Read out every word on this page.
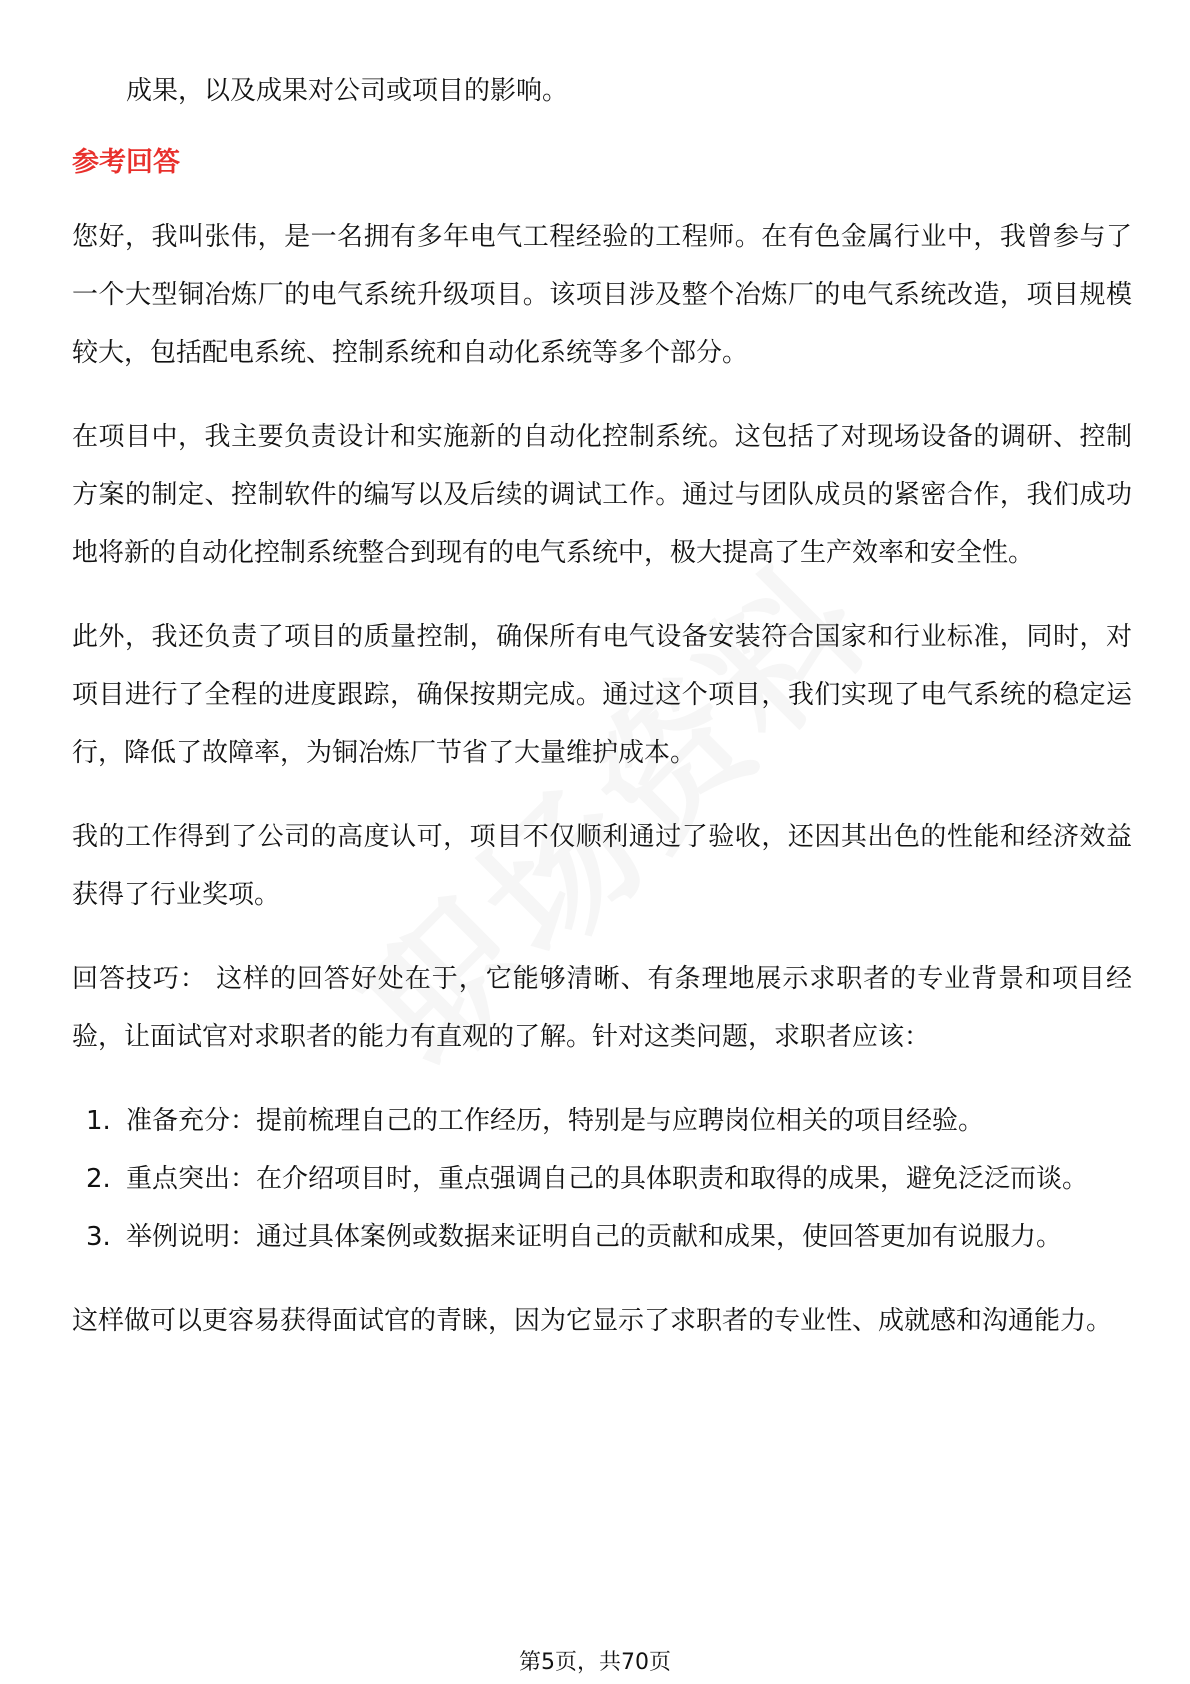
成果，以及成果对公司或项目的影响。

参考回答

您好，我叫张伟，是一名拥有多年电气工程经验的工程师。在有色金属行业中，我曾参与了一个大型铜冶炼厂的电气系统升级项目。该项目涉及整个冶炼厂的电气系统改造，项目规模较大，包括配电系统、控制系统和自动化系统等多个部分。

在项目中，我主要负责设计和实施新的自动化控制系统。这包括了对现场设备的调研、控制方案的制定、控制软件的编写以及后续的调试工作。通过与团队成员的紧密合作，我们成功地将新的自动化控制系统整合到现有的电气系统中，极大提高了生产效率和安全性。

此外，我还负责了项目的质量控制，确保所有电气设备安装符合国家和行业标准，同时，对项目进行了全程的进度跟踪，确保按期完成。通过这个项目，我们实现了电气系统的稳定运行，降低了故障率，为铜冶炼厂节省了大量维护成本。

我的工作得到了公司的高度认可，项目不仅顺利通过了验收，还因其出色的性能和经济效益获得了行业奖项。

回答技巧： 这样的回答好处在于，它能够清晰、有条理地展示求职者的专业背景和项目经验，让面试官对求职者的能力有直观的了解。针对这类问题，求职者应该：

1. 准备充分：提前梳理自己的工作经历，特别是与应聘岗位相关的项目经验。
2. 重点突出：在介绍项目时，重点强调自己的具体职责和取得的成果，避免泛泛而谈。
3. 举例说明：通过具体案例或数据来证明自己的贡献和成果，使回答更加有说服力。

这样做可以更容易获得面试官的青睐，因为它显示了求职者的专业性、成就感和沟通能力。

第5页，共70页
